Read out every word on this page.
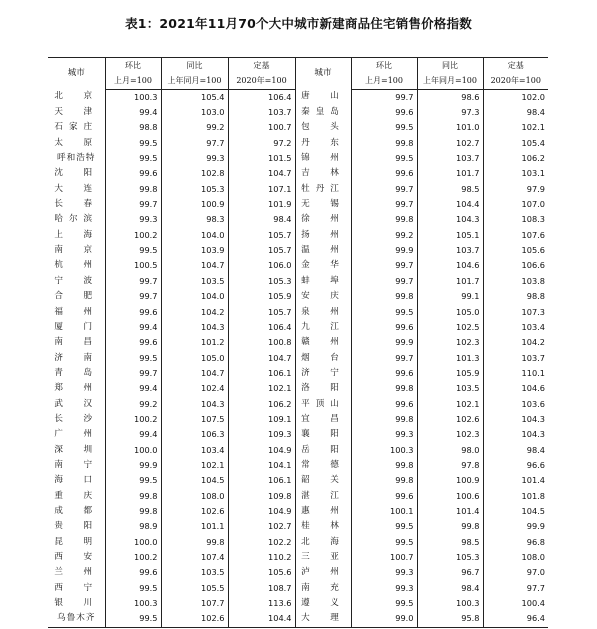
表1：2021年11月70个大中城市新建商品住宅销售价格指数
城市	环比	同比	定基	城市	环比	同比	定基
	上月=100	上年同月=100	2020年=100		上月=100	上年同月=100	2020年=100
北　京	100.3	105.4	106.4	唐　山	99.7	98.6	102.0
天　津	99.4	103.0	103.7	秦皇岛	99.6	97.3	98.4
石家庄	98.8	99.2	100.7	包　头	99.5	101.0	102.1
太　原	99.5	97.7	97.2	丹　东	99.8	102.7	105.4
呼和浩特	99.5	99.3	101.5	锦　州	99.5	103.7	106.2
沈　阳	99.6	102.8	104.7	吉　林	99.6	101.7	103.1
大　连	99.8	105.3	107.1	牡丹江	99.7	98.5	97.9
长　春	99.7	100.9	101.9	无　锡	99.7	104.4	107.0
哈尔滨	99.3	98.3	98.4	徐　州	99.8	104.3	108.3
上　海	100.2	104.0	105.7	扬　州	99.2	105.1	107.6
南　京	99.5	103.9	105.7	温　州	99.9	103.7	105.6
杭　州	100.5	104.7	106.0	金　华	99.7	104.6	106.6
宁　波	99.7	103.5	105.3	蚌　埠	99.7	101.7	103.8
合　肥	99.7	104.0	105.9	安　庆	99.8	99.1	98.8
福　州	99.6	104.2	105.7	泉　州	99.5	105.0	107.3
厦　门	99.4	104.3	106.4	九　江	99.6	102.5	103.4
南　昌	99.6	101.2	100.8	赣　州	99.9	102.3	104.2
济　南	99.5	105.0	104.7	烟　台	99.7	101.3	103.7
青　岛	99.7	104.7	106.1	济　宁	99.6	105.9	110.1
郑　州	99.4	102.4	102.1	洛　阳	99.8	103.5	104.6
武　汉	99.2	104.3	106.2	平顶山	99.6	102.1	103.6
长　沙	100.2	107.5	109.1	宜　昌	99.8	102.6	104.3
广　州	99.4	106.3	109.3	襄　阳	99.3	102.3	104.3
深　圳	100.0	103.4	104.9	岳　阳	100.3	98.0	98.4
南　宁	99.9	102.1	104.1	常　德	99.8	97.8	96.6
海　口	99.5	104.5	106.1	韶　关	99.8	100.9	101.4
重　庆	99.8	108.0	109.8	湛　江	99.6	100.6	101.8
成　都	99.8	102.6	104.9	惠　州	100.1	101.4	104.5
贵　阳	98.9	101.1	102.7	桂　林	99.5	99.8	99.9
昆　明	100.0	99.8	102.2	北　海	99.5	98.5	96.8
西　安	100.2	107.4	110.2	三　亚	100.7	105.3	108.0
兰　州	99.6	103.5	105.6	泸　州	99.3	96.7	97.0
西　宁	99.5	105.5	108.7	南　充	99.3	98.4	97.7
银　川	100.3	107.7	113.6	遵　义	99.5	100.3	100.4
乌鲁木齐	99.5	102.6	104.4	大　理	99.0	95.8	96.4
